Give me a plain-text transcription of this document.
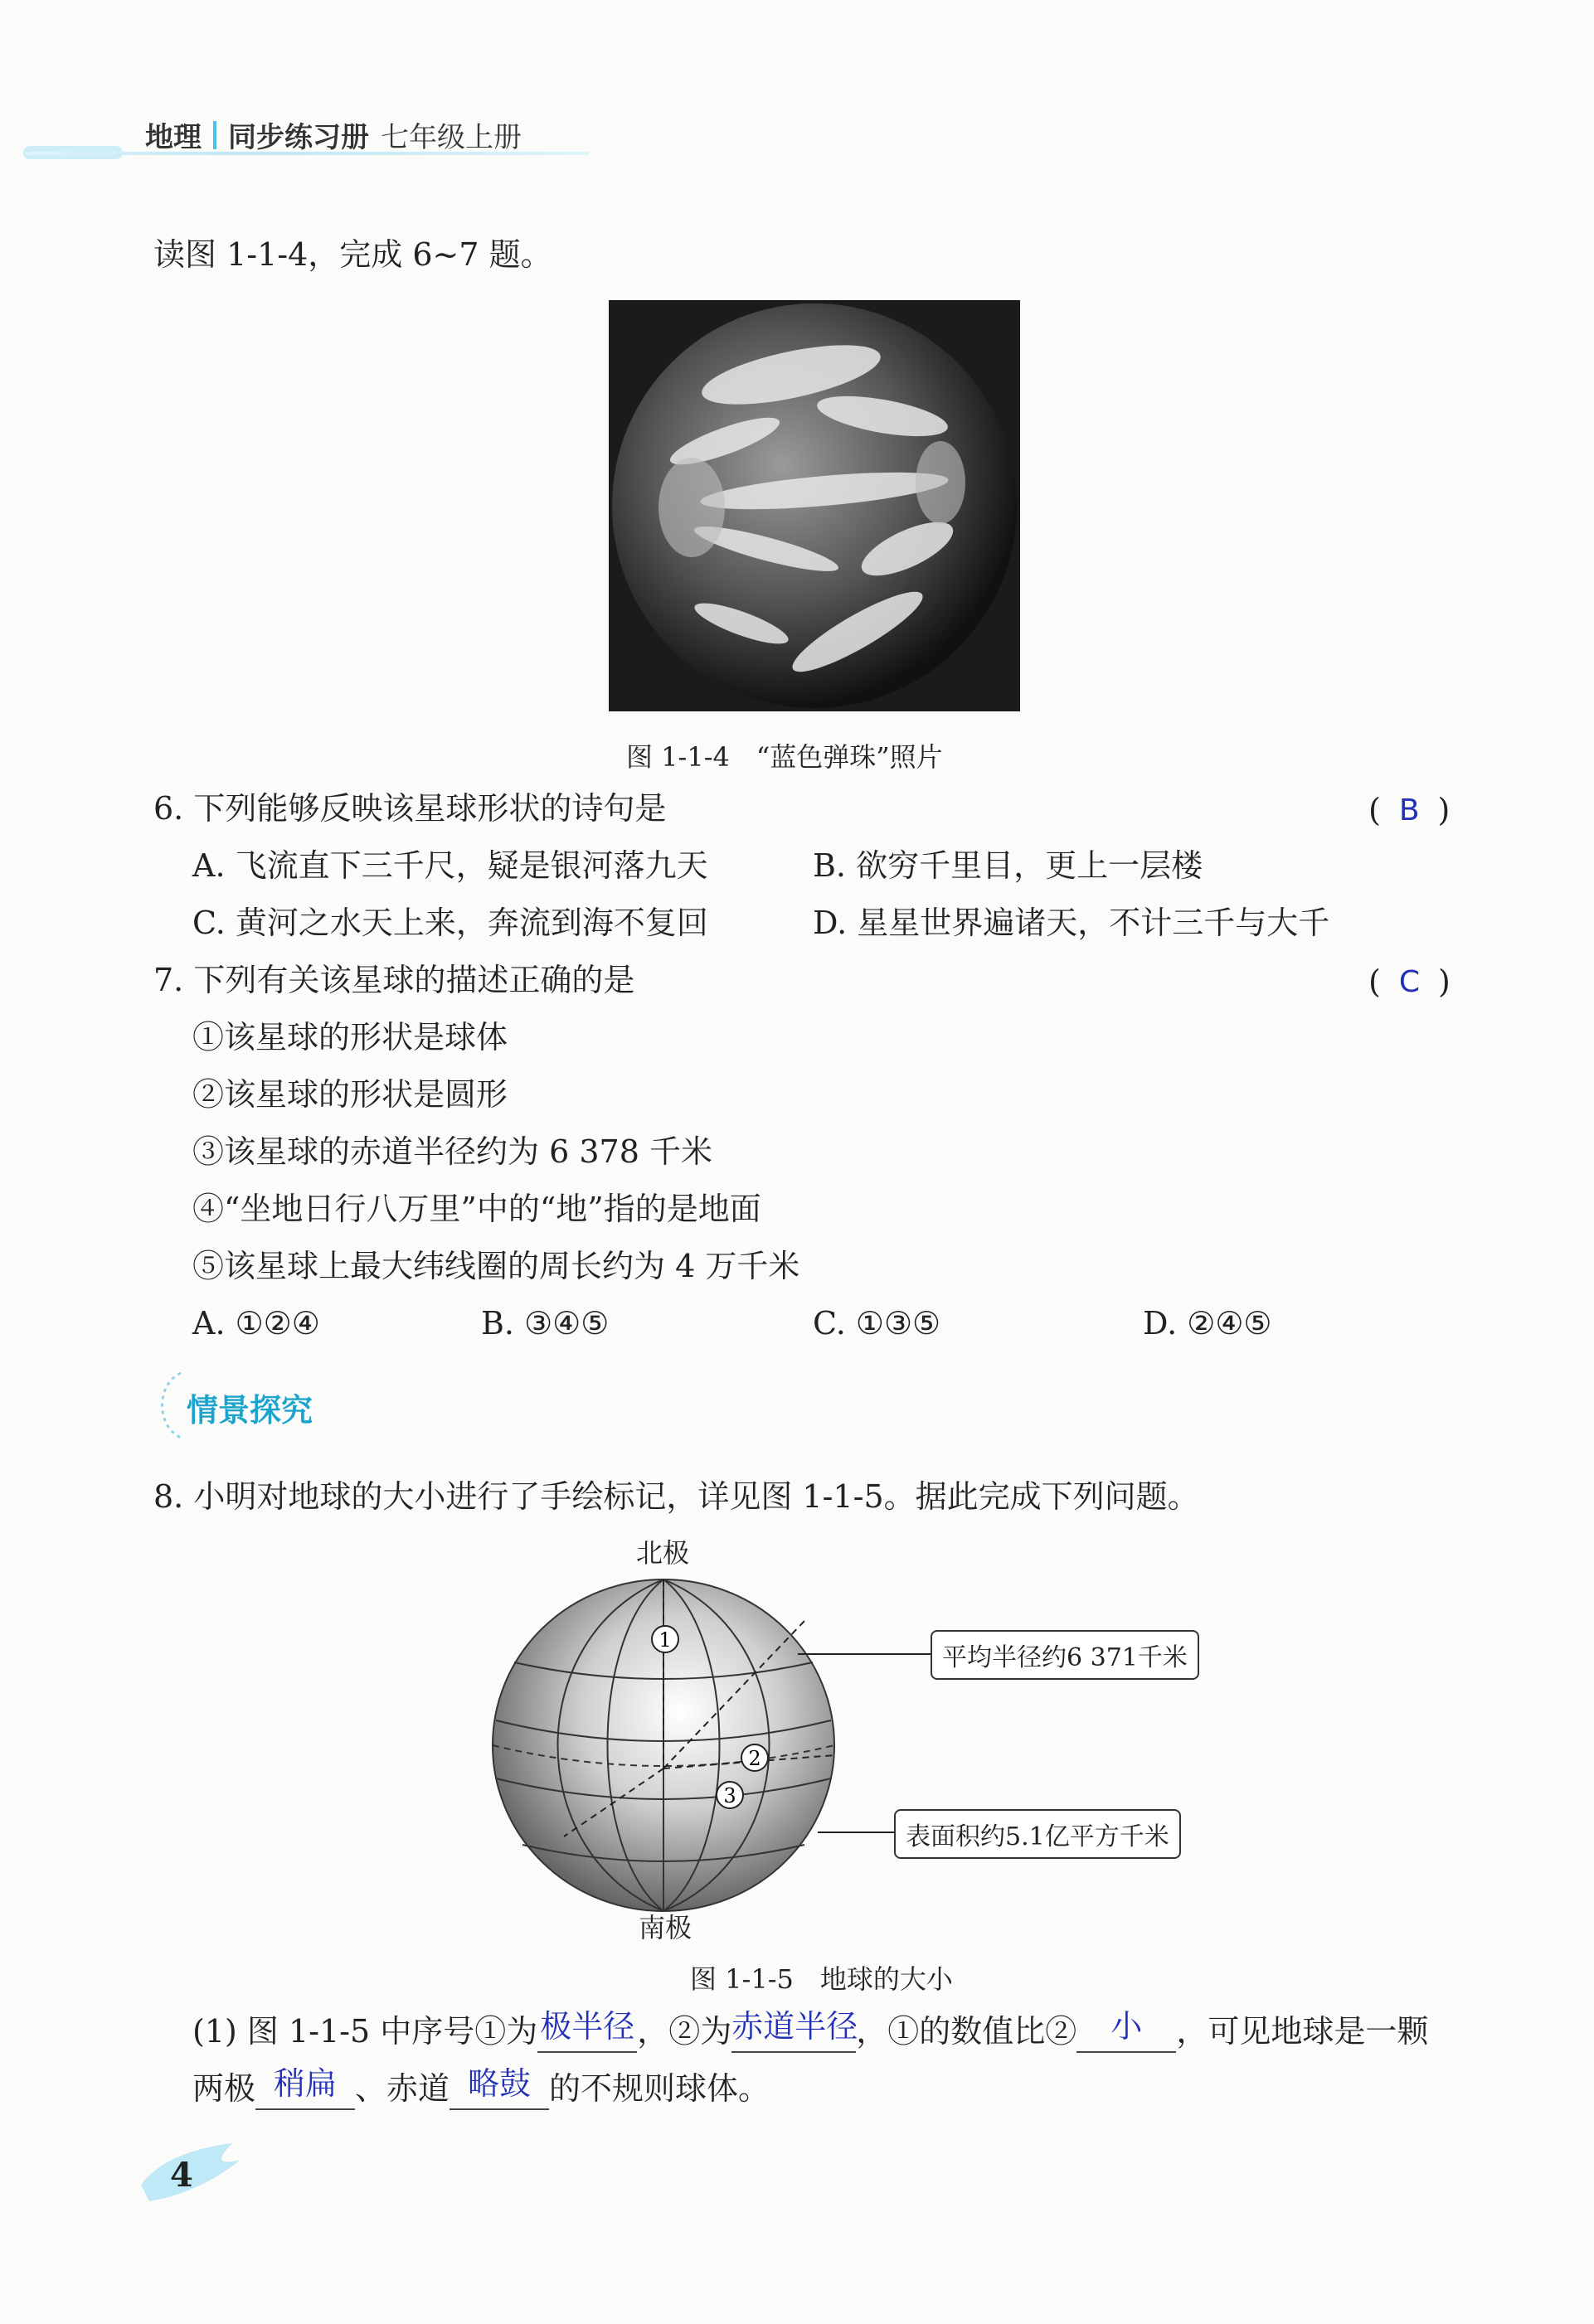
地理 同步练习册 七年级上册
读图 1-1-4，完成 6~7 题。
图 1-1-4　“蓝色弹珠”照片
6. 下列能够反映该星球形状的诗句是	( B )
A. 飞流直下三千尺，疑是银河落九天	B. 欲穷千里目，更上一层楼
C. 黄河之水天上来，奔流到海不复回	D. 星星世界遍诸天，不计三千与大千
7. 下列有关该星球的描述正确的是	( C )
①该星球的形状是球体
②该星球的形状是圆形
③该星球的赤道半径约为 6 378 千米
④“坐地日行八万里”中的“地”指的是地面
⑤该星球上最大纬线圈的周长约为 4 万千米
A. ①②④	B. ③④⑤	C. ①③⑤	D. ②④⑤
情景探究
8. 小明对地球的大小进行了手绘标记，详见图 1-1-5。据此完成下列问题。
北极
南极
1
2
3
平均半径约6 371千米
表面积约5.1亿平方千米
图 1-1-5　地球的大小
(1) 图 1-1-5 中序号①为极半径，②为赤道半径，①的数值比② 小 ，可见地球是一颗
两极 稍扁 、赤道 略鼓 的不规则球体。
4
